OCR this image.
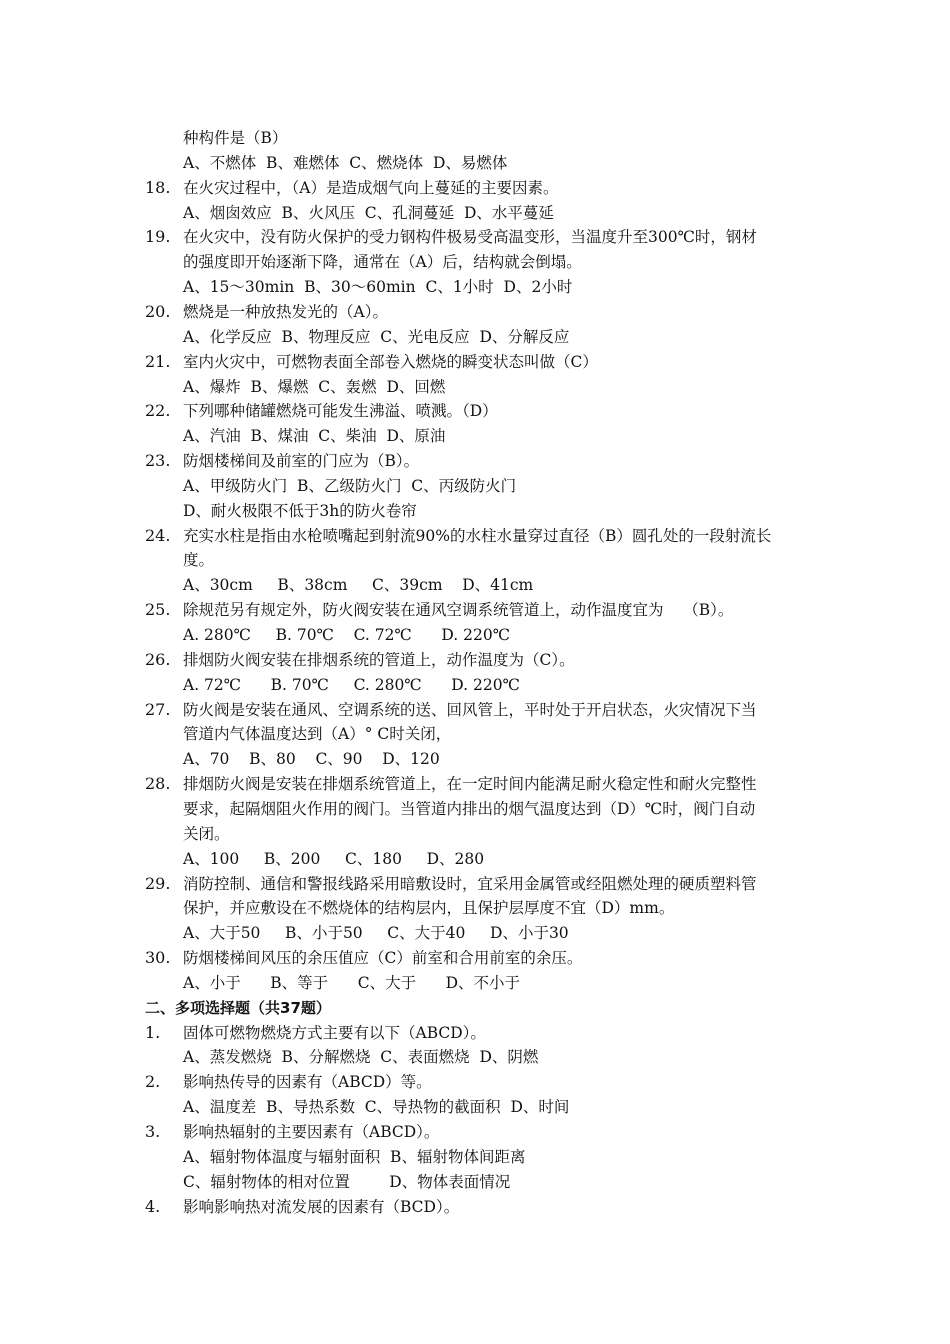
种构件是（B）
A、不燃体  B、难燃体  C、燃烧体  D、易燃体
18. 在火灾过程中，（A）是造成烟气向上蔓延的主要因素。
A、烟囱效应  B、火风压  C、孔洞蔓延  D、水平蔓延
19. 在火灾中，没有防火保护的受力钢构件极易受高温变形，当温度升至300℃时，钢材
的强度即开始逐渐下降，通常在（A）后，结构就会倒塌。
A、15～30min  B、30～60min  C、1小时  D、2小时
20. 燃烧是一种放热发光的（A）。
A、化学反应  B、物理反应  C、光电反应  D、分解反应
21. 室内火灾中，可燃物表面全部卷入燃烧的瞬变状态叫做（C）
A、爆炸  B、爆燃  C、轰燃  D、回燃
22. 下列哪种储罐燃烧可能发生沸溢、喷溅。（D）
A、汽油  B、煤油  C、柴油  D、原油
23. 防烟楼梯间及前室的门应为（B）。
A、甲级防火门  B、乙级防火门  C、丙级防火门
D、耐火极限不低于3h的防火卷帘
24. 充实水柱是指由水枪喷嘴起到射流90%的水柱水量穿过直径（B）圆孔处的一段射流长
度。
A、30cm     B、38cm     C、39cm    D、41cm
25. 除规范另有规定外，防火阀安装在通风空调系统管道上，动作温度宜为    （B）。
A. 280℃     B. 70℃    C. 72℃      D. 220℃
26. 排烟防火阀安装在排烟系统的管道上，动作温度为（C）。
A. 72℃      B. 70℃     C. 280℃      D. 220℃
27. 防火阀是安装在通风、空调系统的送、回风管上，平时处于开启状态，火灾情况下当
管道内气体温度达到（A）° C时关闭，
A、70    B、80    C、90    D、120
28. 排烟防火阀是安装在排烟系统管道上，在一定时间内能满足耐火稳定性和耐火完整性
要求，起隔烟阻火作用的阀门。当管道内排出的烟气温度达到（D）℃时，阀门自动
关闭。
A、100     B、200     C、180     D、280
29. 消防控制、通信和警报线路采用暗敷设时，宜采用金属管或经阻燃处理的硬质塑料管
保护，并应敷设在不燃烧体的结构层内，且保护层厚度不宜（D）mm。
A、大于50     B、小于50     C、大于40     D、小于30
30. 防烟楼梯间风压的余压值应（C）前室和合用前室的余压。
A、小于      B、等于      C、大于      D、不小于
二、多项选择题（共37题）
1. 固体可燃物燃烧方式主要有以下（ABCD）。
A、蒸发燃烧  B、分解燃烧  C、表面燃烧  D、阴燃
2. 影响热传导的因素有（ABCD）等。
A、温度差  B、导热系数  C、导热物的截面积  D、时间
3. 影响热辐射的主要因素有（ABCD）。
A、辐射物体温度与辐射面积  B、辐射物体间距离
C、辐射物体的相对位置        D、物体表面情况
4. 影响影响热对流发展的因素有（BCD）。
